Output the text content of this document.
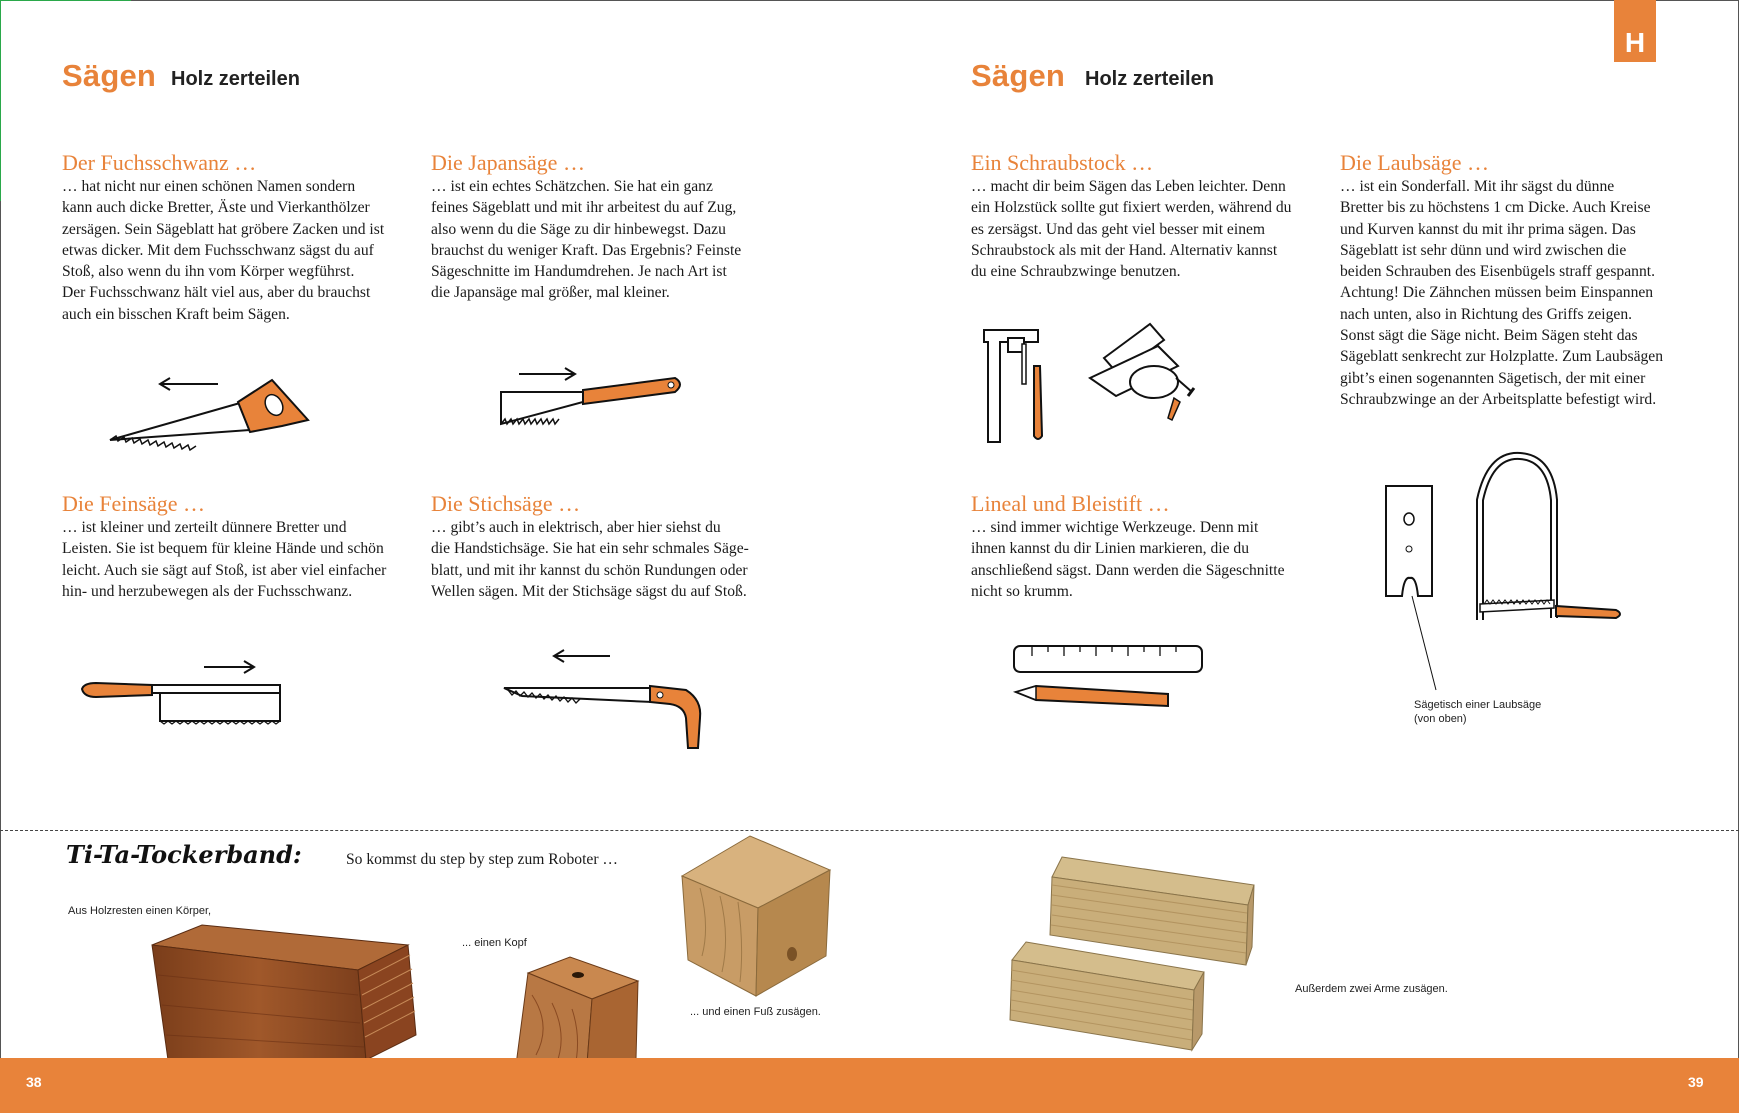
H
Sägen Holz zerteilen	Sägen Holz zerteilen
Der Fuchsschwanz …
… hat nicht nur einen schönen Namen sondern
kann auch dicke Bretter, Äste und Vierkanthölzer
zersägen. Sein Sägeblatt hat gröbere Zacken und ist
etwas dicker. Mit dem Fuchsschwanz sägst du auf
Stoß, also wenn du ihn vom Körper wegführst.
Der Fuchsschwanz hält viel aus, aber du brauchst
auch ein bisschen Kraft beim Sägen.
Die Japansäge …
… ist ein echtes Schätzchen. Sie hat ein ganz
feines Sägeblatt und mit ihr arbeitest du auf Zug,
also wenn du die Säge zu dir hinbewegst. Dazu
brauchst du weniger Kraft. Das Ergebnis? Feinste
Sägeschnitte im Handumdrehen. Je nach Art ist
die Japansäge mal größer, mal kleiner.
Die Feinsäge …
… ist kleiner und zerteilt dünnere Bretter und
Leisten. Sie ist bequem für kleine Hände und schön
leicht. Auch sie sägt auf Stoß, ist aber viel einfacher
hin- und herzubewegen als der Fuchsschwanz.
Die Stichsäge …
… gibt’s auch in elektrisch, aber hier siehst du
die Handstichsäge. Sie hat ein sehr schmales Säge-
blatt, und mit ihr kannst du schön Rundungen oder
Wellen sägen. Mit der Stichsäge sägst du auf Stoß.
Ein Schraubstock …
… macht dir beim Sägen das Leben leichter. Denn
ein Holzstück sollte gut fixiert werden, während du
es zersägst. Und das geht viel besser mit einem
Schraubstock als mit der Hand. Alternativ kannst
du eine Schraubzwinge benutzen.
Die Laubsäge …
… ist ein Sonderfall. Mit ihr sägst du dünne
Bretter bis zu höchstens 1 cm Dicke. Auch Kreise
und Kurven kannst du mit ihr prima sägen. Das
Sägeblatt ist sehr dünn und wird zwischen die
beiden Schrauben des Eisenbügels straff gespannt.
Achtung! Die Zähnchen müssen beim Einspannen
nach unten, also in Richtung des Griffs zeigen.
Sonst sägt die Säge nicht. Beim Sägen steht das
Sägeblatt senkrecht zur Holzplatte. Zum Laubsägen
gibt’s einen sogenannten Sägetisch, der mit einer
Schraubzwinge an der Arbeitsplatte befestigt wird.
Lineal und Bleistift …
… sind immer wichtige Werkzeuge. Denn mit
ihnen kannst du dir Linien markieren, die du
anschließend sägst. Dann werden die Sägeschnitte
nicht so krumm.
Sägetisch einer Laubsäge
(von oben)
Ti-Ta-Tockerband:	So kommst du step by step zum Roboter …
Aus Holzresten einen Körper,
... einen Kopf
... und einen Fuß zusägen.
Außerdem zwei Arme zusägen.
38	39
